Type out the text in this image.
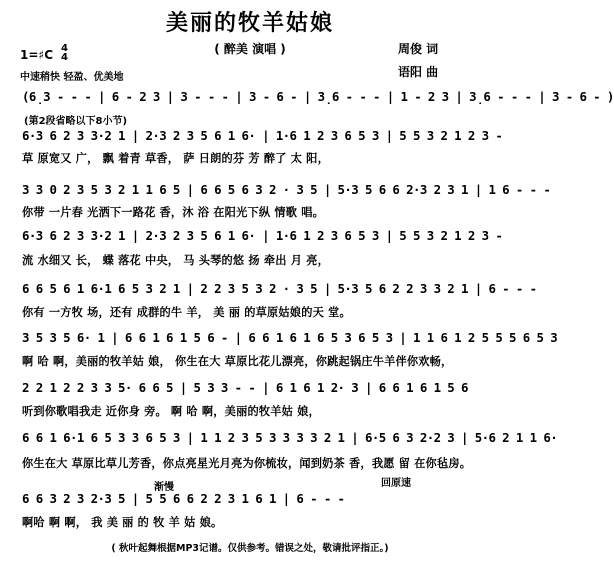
美丽的牧羊姑娘
( 醉美 演唱 )	周俊 词
语阳 曲
1=♯C 4
4
中速稍快 轻盈、优美地
(6̣3 - - - | 6 - 2 3 | 3 - - - | 3 - 6 - | 3̣6 - - - | 1 - 2 3 | 3̣6 - - - | 3 - 6 - )
(第2段省略以下8小节)
6·3 6 2 3 3·2 1 | 2·3 2 3 5 6 1 6· | 1·6 1 2 3 6 5 3 | 5 5 3 2 1 2 3 -
草 原宽又 广， 飘 着青 草香， 萨 日朗的芬 芳 醉了 太 阳，
3 3 0 2 3 5 3 2 1 1 6 5 | 6 6 5 6 3 2 · 3 5 | 5·3 5 6 6 2·3 2 3 1 | 1 6 - - -
你带 一片春 光洒下一路花 香，沐 浴 在阳光下纵 情歌 唱。
6·3 6 2 3 3·2 1 | 2·3 2 3 5 6 1 6· | 1·6 1 2 3 6 5 3 | 5 5 3 2 1 2 3 -
流 水细又 长， 蝶 落花 中央， 马 头琴的悠 扬 牵出 月 亮，
6 6 5 6 1 6·1 6 5 3 2 1 | 2 2 3 5 3 2 · 3 5 | 5·3 5 6 2 2 3 3 2 1 | 6 - - -
你有 一方牧 场，还有 成群的牛 羊， 美 丽 的草原姑娘的天 堂。
3 5 3 5 6· 1 | 6 6 1 6 1 5 6 - | 6 6 1 6 1 6 5 3 6 5 3 | 1 1 6 1 2 5 5 5 6 5 3
啊 哈 啊，美丽的牧羊姑 娘， 你生在大 草原比花儿漂亮，你跳起锅庄牛羊伴你欢畅，
2 2 1 2 2 3 3 5· 6 6 5 | 5 3 3 - - | 6 1 6 1 2· 3 | 6 6 1 6 1 5 6
听到你歌唱我走 近你身 旁。 啊 哈 啊，美丽的牧羊姑 娘，
6 6 1 6·1 6 5 3 3 6 5 3 | 1 1 2 3 5 3 3 3 3 2 1 | 6·5 6 3 2·2 3 | 5·6 2 1 1 6·
你生在大 草原比草儿芳香，你点亮星光月亮为你梳妆，闻到奶茶 香，我愿 留 在你毡房。
渐慢	回原速
6 6 3 2 3 2·3 5 | 5 5 6 6 2 2 3 1 6 1 | 6 - - -
啊哈 啊 啊， 我 美 丽 的 牧 羊 姑 娘。
( 秋叶起舞根据MP3记谱。仅供参考。错误之处，敬请批评指正。)
